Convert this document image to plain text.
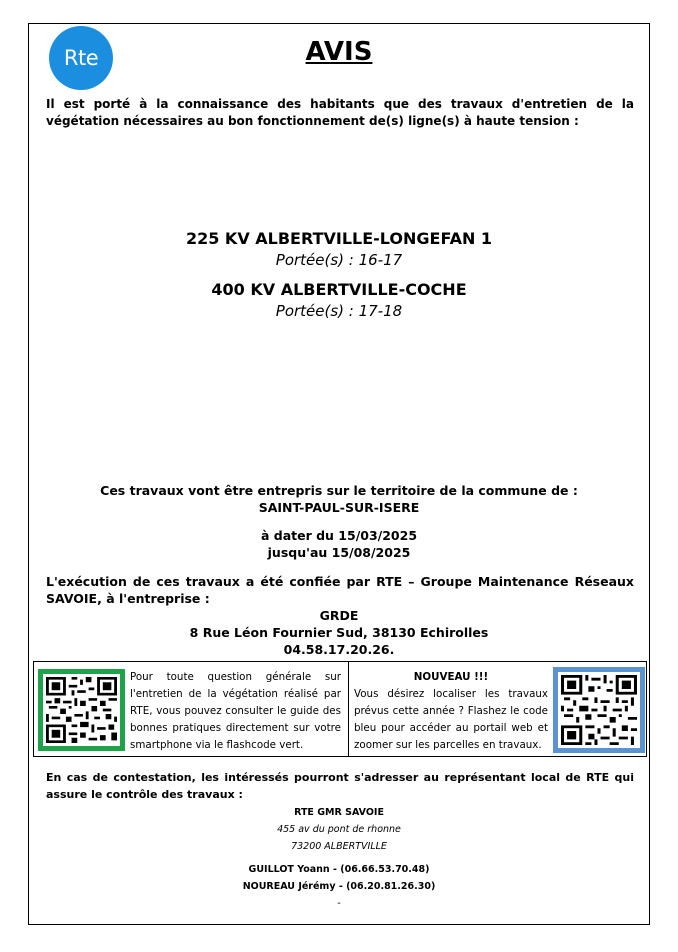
Rte	AVIS
Il est porté à la connaissance des habitants que des travaux d'entretien de la végétation nécessaires au bon fonctionnement de(s) ligne(s) à haute tension :
225 KV ALBERTVILLE-LONGEFAN 1
Portée(s) : 16-17
400 KV ALBERTVILLE-COCHE
Portée(s) : 17-18
Ces travaux vont être entrepris sur le territoire de la commune de :
SAINT-PAUL-SUR-ISERE
à dater du 15/03/2025
jusqu'au 15/08/2025
L'exécution de ces travaux a été confiée par RTE – Groupe Maintenance Réseaux SAVOIE, à l'entreprise :
GRDE
8 Rue Léon Fournier Sud, 38130 Echirolles
04.58.17.20.26.
Pour toute question générale sur l'entretien de la végétation réalisé par RTE, vous pouvez consulter le guide des bonnes pratiques directement sur votre smartphone via le flashcode vert.
NOUVEAU !!!
Vous désirez localiser les travaux prévus cette année ? Flashez le code bleu pour accéder au portail web et zoomer sur les parcelles en travaux.
En cas de contestation, les intéressés pourront s'adresser au représentant local de RTE qui assure le contrôle des travaux :
RTE GMR SAVOIE
455 av du pont de rhonne
73200 ALBERTVILLE
GUILLOT Yoann - (06.66.53.70.48)
NOUREAU Jérémy - (06.20.81.26.30)
-
